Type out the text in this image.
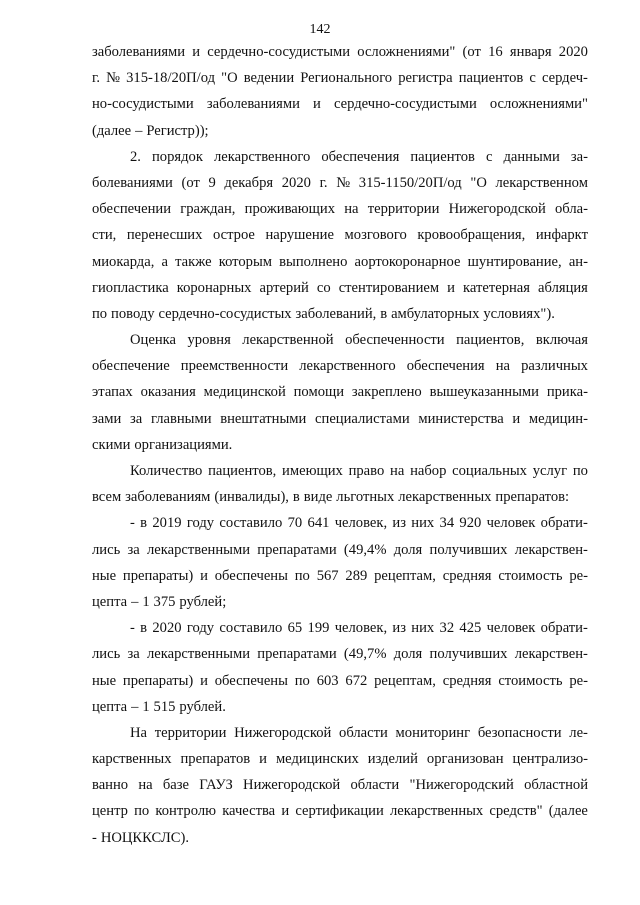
142
заболеваниями и сердечно-сосудистыми осложнениями" (от 16 января 2020
г. № 315-18/20П/од "О ведении Регионального регистра пациентов с сердеч-
но-сосудистыми заболеваниями и сердечно-сосудистыми осложнениями"
(далее – Регистр));
2. порядок лекарственного обеспечения пациентов с данными за-
болеваниями (от 9 декабря 2020 г. № 315-1150/20П/од "О лекарственном
обеспечении граждан, проживающих на территории Нижегородской обла-
сти, перенесших острое нарушение мозгового кровообращения, инфаркт
миокарда, а также которым выполнено аортокоронарное шунтирование, ан-
гиопластика коронарных артерий со стентированием и катетерная абляция
по поводу сердечно-сосудистых заболеваний, в амбулаторных условиях").
Оценка уровня лекарственной обеспеченности пациентов, включая
обеспечение преемственности лекарственного обеспечения на различных
этапах оказания медицинской помощи закреплено вышеуказанными прика-
зами за главными внештатными специалистами министерства и медицин-
скими организациями.
Количество пациентов, имеющих право на набор социальных услуг по
всем заболеваниям (инвалиды), в виде льготных лекарственных препаратов:
- в 2019 году составило 70 641 человек, из них 34 920 человек обрати-
лись за лекарственными препаратами (49,4% доля получивших лекарствен-
ные препараты) и обеспечены по 567 289 рецептам, средняя стоимость ре-
цепта – 1 375 рублей;
- в 2020 году составило 65 199 человек, из них 32 425 человек обрати-
лись за лекарственными препаратами (49,7% доля получивших лекарствен-
ные препараты) и обеспечены по 603 672 рецептам, средняя стоимость ре-
цепта – 1 515 рублей.
На территории Нижегородской области мониторинг безопасности ле-
карственных препаратов и медицинских изделий организован централизо-
ванно на базе ГАУЗ Нижегородской области "Нижегородский областной
центр по контролю качества и сертификации лекарственных средств" (далее
- НОЦККСЛС).
